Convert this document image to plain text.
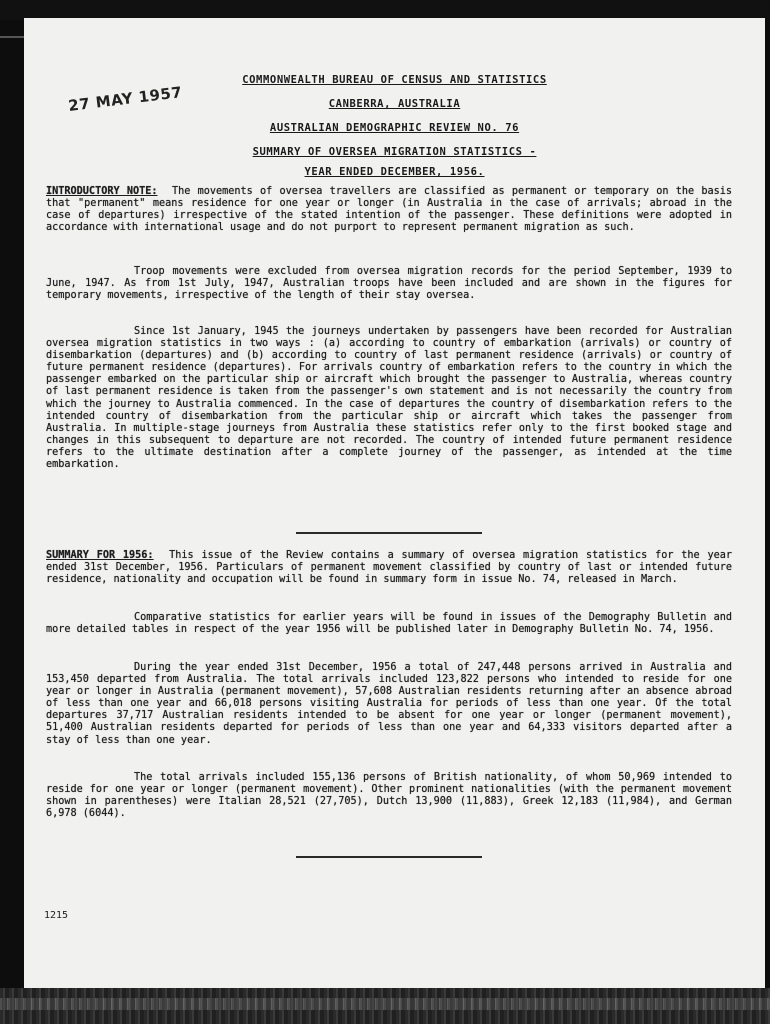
27 MAY 1957
COMMONWEALTH BUREAU OF CENSUS AND STATISTICS
CANBERRA, AUSTRALIA
AUSTRALIAN DEMOGRAPHIC REVIEW NO. 76
SUMMARY OF OVERSEA MIGRATION STATISTICS -
YEAR ENDED DECEMBER, 1956.

INTRODUCTORY NOTE: The movements of oversea travellers are classified as permanent or temporary on the basis that "permanent" means residence for one year or longer (in Australia in the case of arrivals; abroad in the case of departures) irrespective of the stated intention of the passenger. These definitions were adopted in accordance with international usage and do not purport to represent permanent migration as such.

Troop movements were excluded from oversea migration records for the period September, 1939 to June, 1947. As from 1st July, 1947, Australian troops have been included and are shown in the figures for temporary movements, irrespective of the length of their stay oversea.

Since 1st January, 1945 the journeys undertaken by passengers have been recorded for Australian oversea migration statistics in two ways : (a) according to country of embarkation (arrivals) or country of disembarkation (departures) and (b) according to country of last permanent residence (arrivals) or country of future permanent residence (departures). For arrivals country of embarkation refers to the country in which the passenger embarked on the particular ship or aircraft which brought the passenger to Australia, whereas country of last permanent residence is taken from the passenger's own statement and is not necessarily the country from which the journey to Australia commenced. In the case of departures the country of disembarkation refers to the intended country of disembarkation from the particular ship or aircraft which takes the passenger from Australia. In multiple-stage journeys from Australia these statistics refer only to the first booked stage and changes in this subsequent to departure are not recorded. The country of intended future permanent residence refers to the ultimate destination after a complete journey of the passenger, as intended at the time embarkation.

SUMMARY FOR 1956: This issue of the Review contains a summary of oversea migration statistics for the year ended 31st December, 1956. Particulars of permanent movement classified by country of last or intended future residence, nationality and occupation will be found in summary form in issue No. 74, released in March.

Comparative statistics for earlier years will be found in issues of the Demography Bulletin and more detailed tables in respect of the year 1956 will be published later in Demography Bulletin No. 74, 1956.

During the year ended 31st December, 1956 a total of 247,448 persons arrived in Australia and 153,450 departed from Australia. The total arrivals included 123,822 persons who intended to reside for one year or longer in Australia (permanent movement), 57,608 Australian residents returning after an absence abroad of less than one year and 66,018 persons visiting Australia for periods of less than one year. Of the total departures 37,717 Australian residents intended to be absent for one year or longer (permanent movement), 51,400 Australian residents departed for periods of less than one year and 64,333 visitors departed after a stay of less than one year.

The total arrivals included 155,136 persons of British nationality, of whom 50,969 intended to reside for one year or longer (permanent movement). Other prominent nationalities (with the permanent movement shown in parentheses) were Italian 28,521 (27,705), Dutch 13,900 (11,883), Greek 12,183 (11,984), and German 6,978 (6044).

1215
